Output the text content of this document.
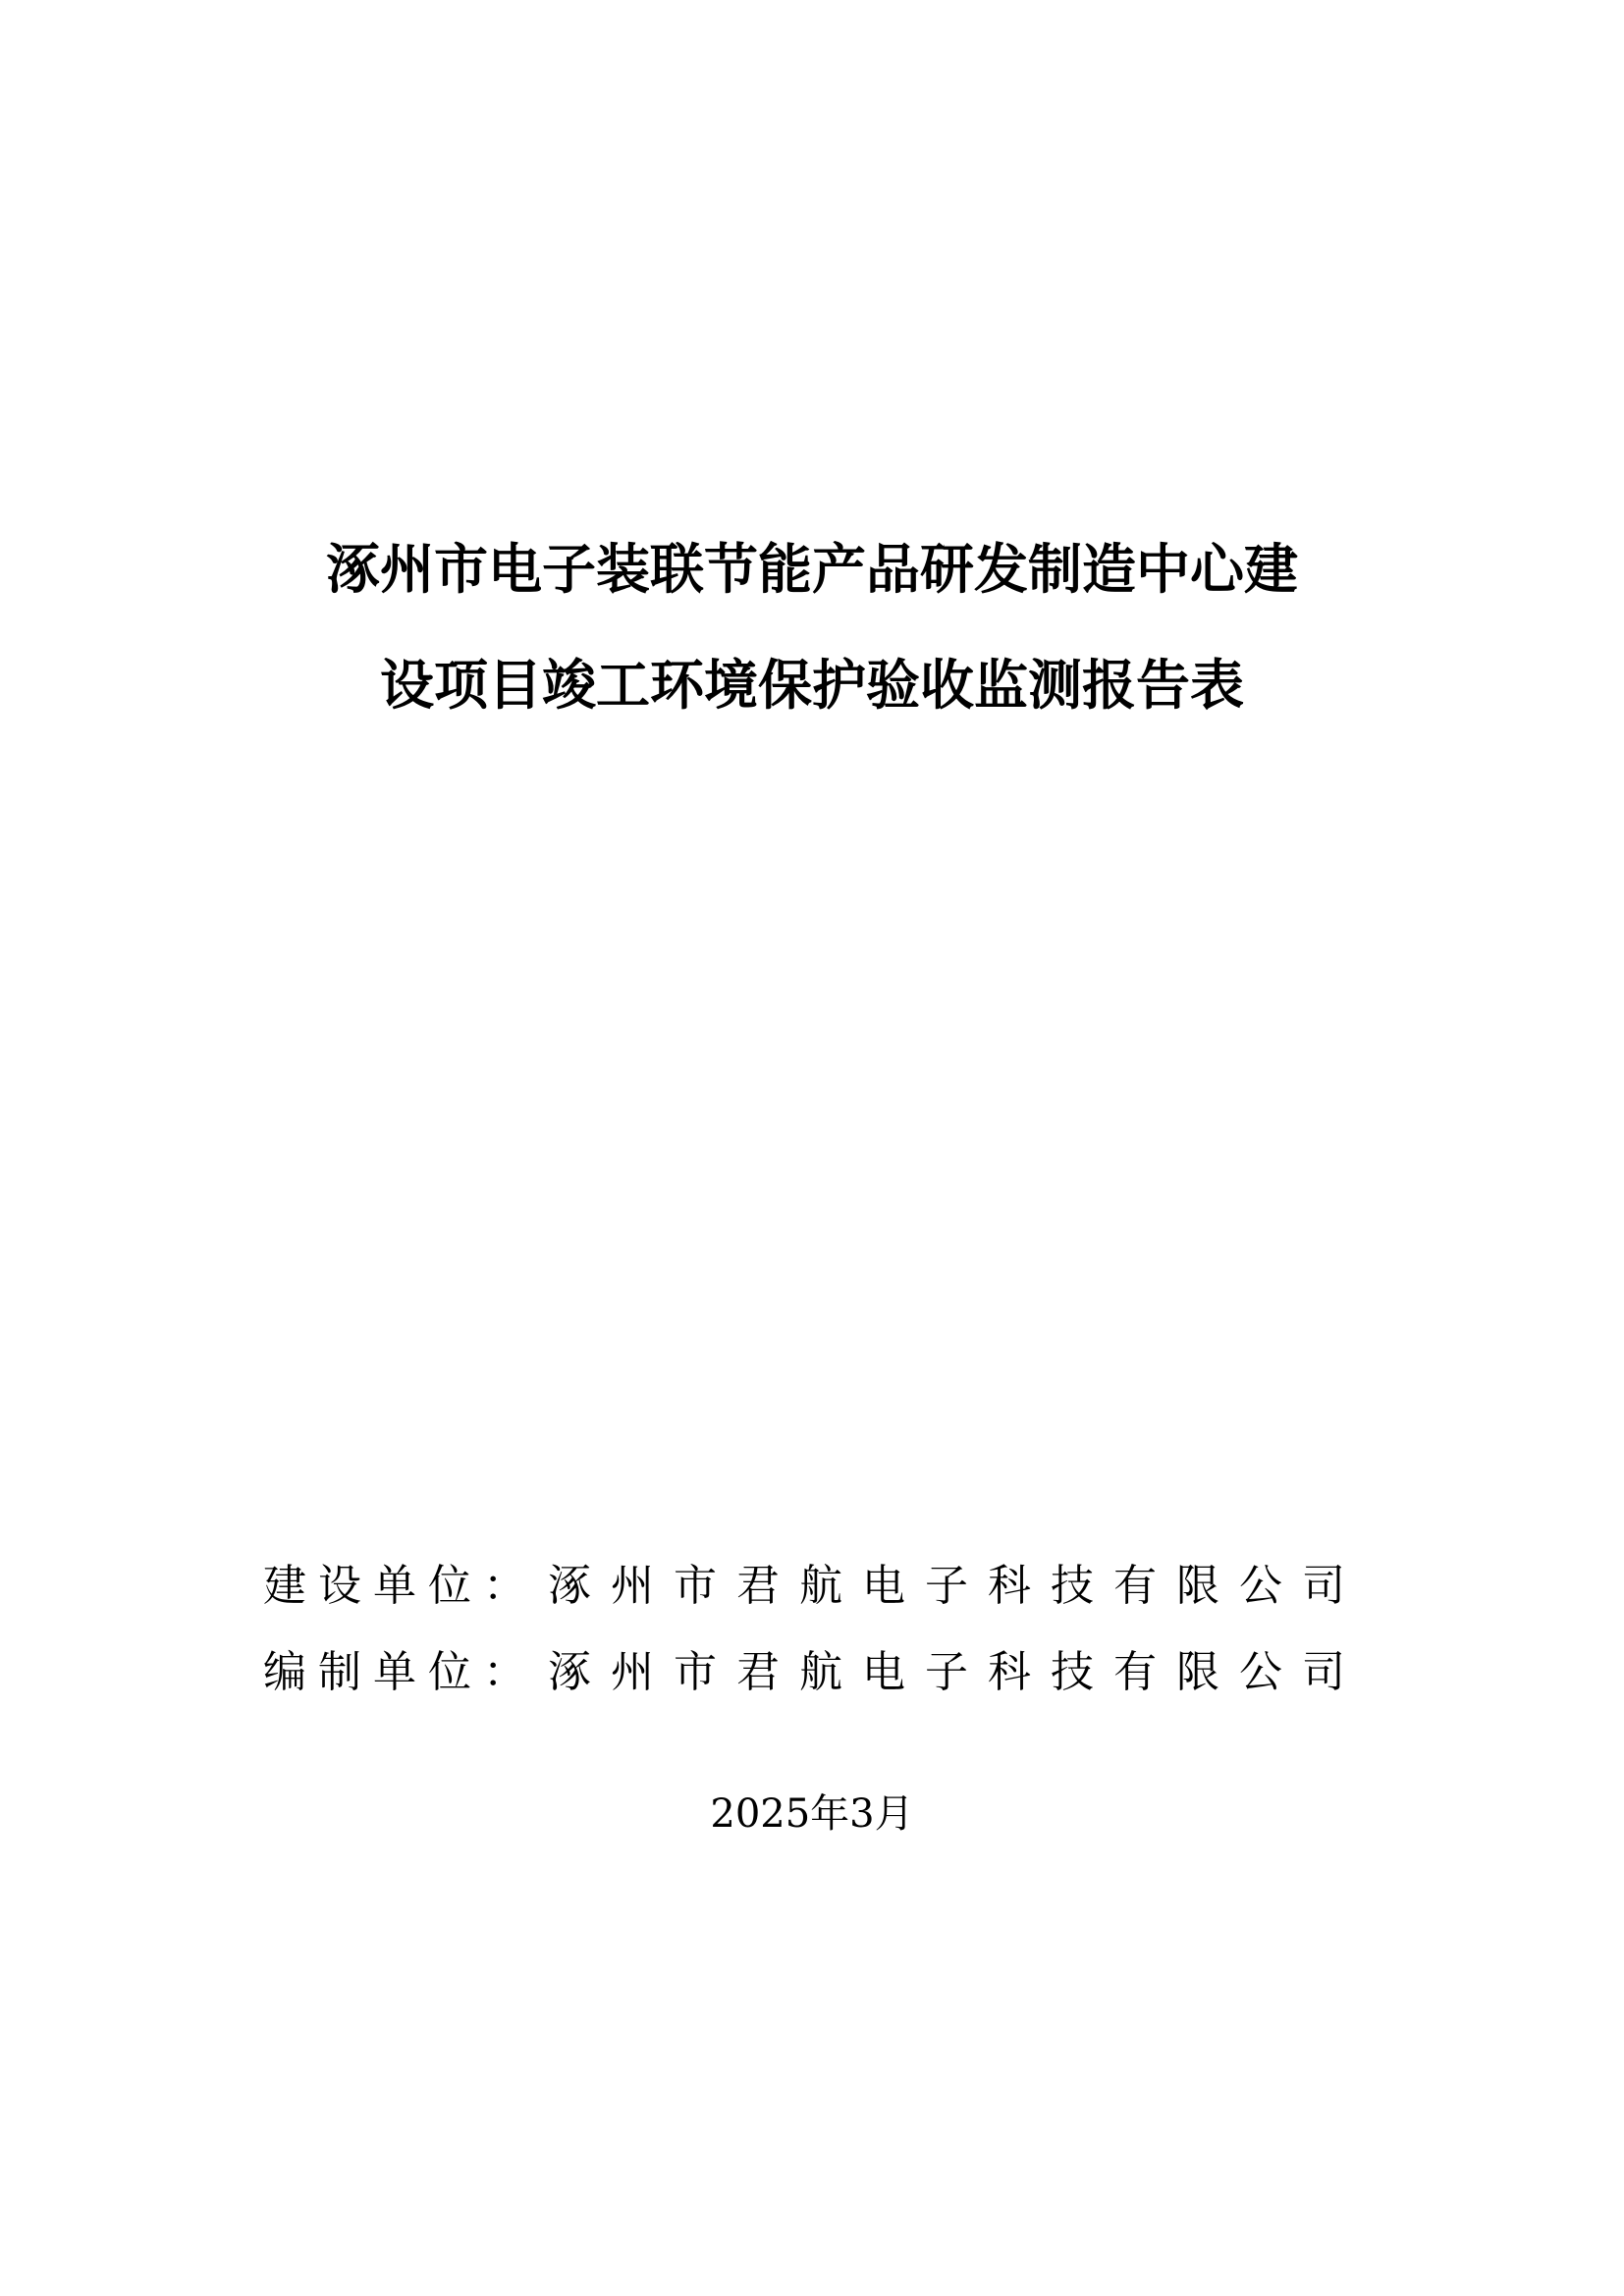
涿州市电子装联节能产品研发制造中心建
设项目竣工环境保护验收监测报告表
建设单位： 涿州市君航电子科技有限公司
编制单位： 涿州市君航电子科技有限公司
2025年3月
